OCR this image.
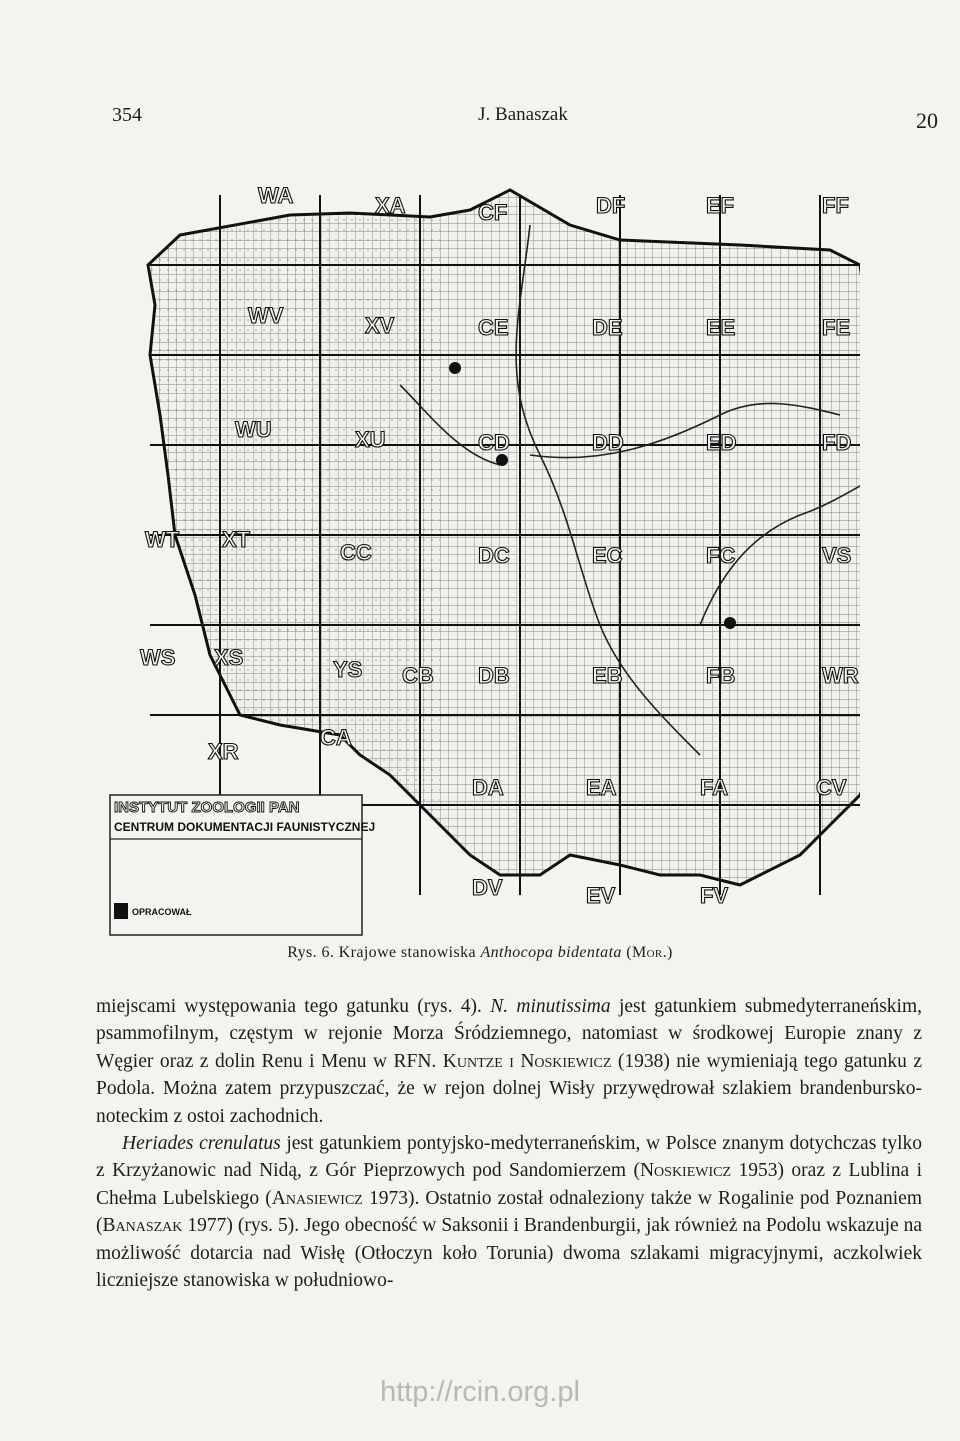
354	J. Banaszak	20
WA	XA	CF	DF	EF	FF
WV	XV	CE	DE	EE	FE
WU	XU	CD	DD	ED	FD
WT XT
CC	DC	EC	FC	VS
WS XS	YS CB DB	EB	FB	WR
XR
CA
DA	EA	FA	CV
DV	EV	FV
INSTYTUT ZOOLOGII PAN
CENTRUM DOKUMENTACJI FAUNISTYCZNEJ
OPRACOWAŁ
Rys. 6. Krajowe stanowiska Anthocopa bidentata (Mor.)

miejscami występowania tego gatunku (rys. 4). N. minutissima jest gatunkiem submedyterraneńskim, psammofilnym, częstym w rejonie Morza Śródziemnego, natomiast w środkowej Europie znany z Węgier oraz z dolin Renu i Menu w RFN. Kuntze i Noskiewicz (1938) nie wymieniają tego gatunku z Podola. Można zatem przypuszczać, że w rejon dolnej Wisły przywędrował szlakiem brandenbursko-noteckim z ostoi zachodnich.

Heriades crenulatus jest gatunkiem pontyjsko-medyterraneńskim, w Polsce znanym dotychczas tylko z Krzyżanowic nad Nidą, z Gór Pieprzowych pod Sandomierzem (Noskiewicz 1953) oraz z Lublina i Chełma Lubelskiego (Anasiewicz 1973). Ostatnio został odnaleziony także w Rogalinie pod Poznaniem (Banaszak 1977) (rys. 5). Jego obecność w Saksonii i Brandenburgii, jak również na Podolu wskazuje na możliwość dotarcia nad Wisłę (Otłoczyn koło Torunia) dwoma szlakami migracyjnymi, aczkolwiek liczniejsze stanowiska w południowo-

http://rcin.org.pl
